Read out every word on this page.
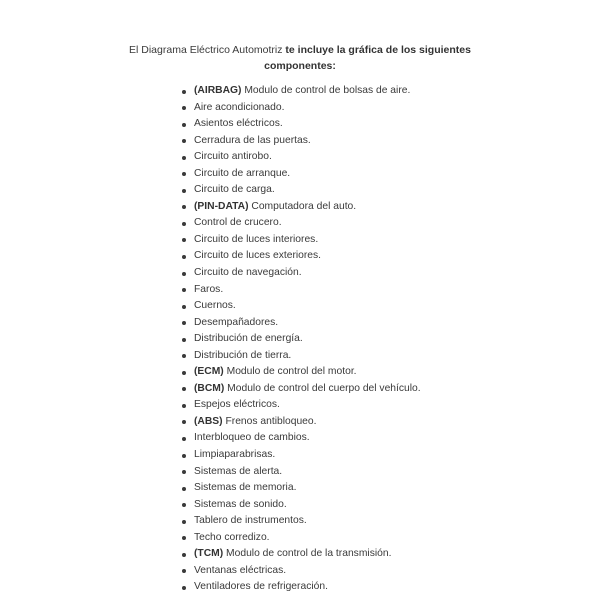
El Diagrama Eléctrico Automotriz te incluye la gráfica de los siguientes
componentes:
(AIRBAG) Modulo de control de bolsas de aire.
Aire acondicionado.
Asientos eléctricos.
Cerradura de las puertas.
Circuito antirobo.
Circuito de arranque.
Circuito de carga.
(PIN-DATA) Computadora del auto.
Control de crucero.
Circuito de luces interiores.
Circuito de luces exteriores.
Circuito de navegación.
Faros.
Cuernos.
Desempañadores.
Distribución de energía.
Distribución de tierra.
(ECM) Modulo de control del motor.
(BCM) Modulo de control del cuerpo del vehículo.
Espejos eléctricos.
(ABS) Frenos antibloqueo.
Interbloqueo de cambios.
Limpiaparabrisas.
Sistemas de alerta.
Sistemas de memoria.
Sistemas de sonido.
Tablero de instrumentos.
Techo corredizo.
(TCM) Modulo de control de la transmisión.
Ventanas eléctricas.
Ventiladores de refrigeración.
